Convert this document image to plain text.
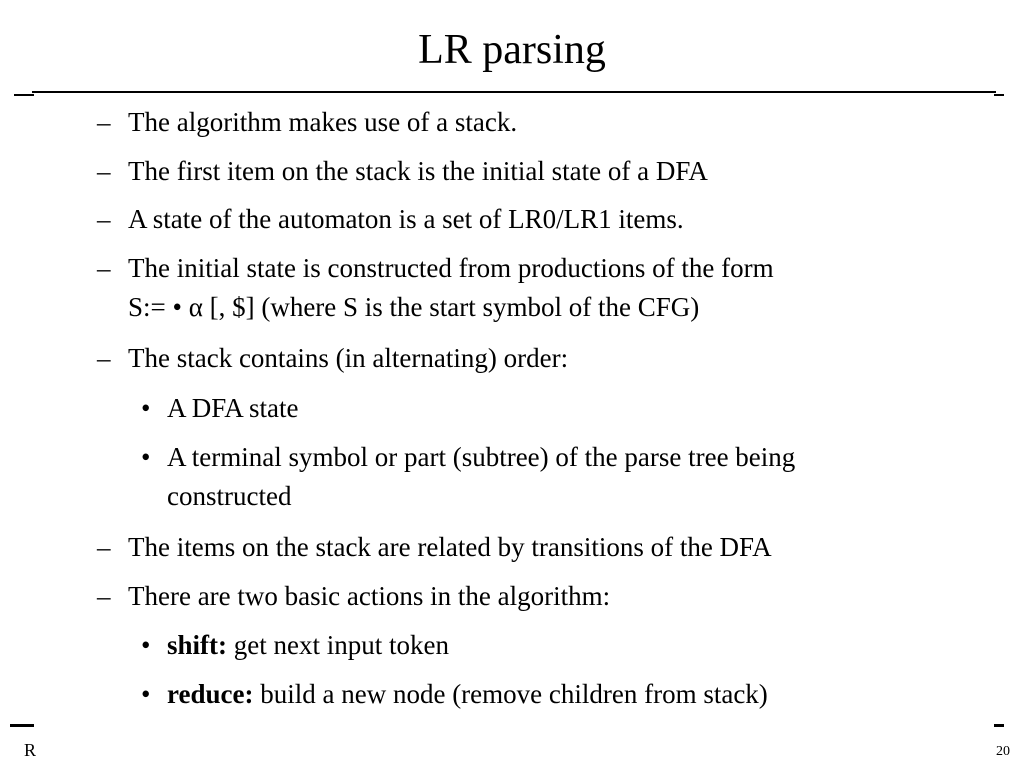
LR parsing
– The algorithm makes use of a stack.
– The first item on the stack is the initial state of a DFA
– A state of the automaton is a set of LR0/LR1 items.
– The initial state is constructed from productions of the form
S:= • α [, $] (where S is the start symbol of the CFG)
– The stack contains (in alternating) order:
• A DFA state
• A terminal symbol or part (subtree) of the parse tree being
constructed
– The items on the stack are related by transitions of the DFA
– There are two basic actions in the algorithm:
• shift: get next input token
• reduce: build a new node (remove children from stack)
R	20
